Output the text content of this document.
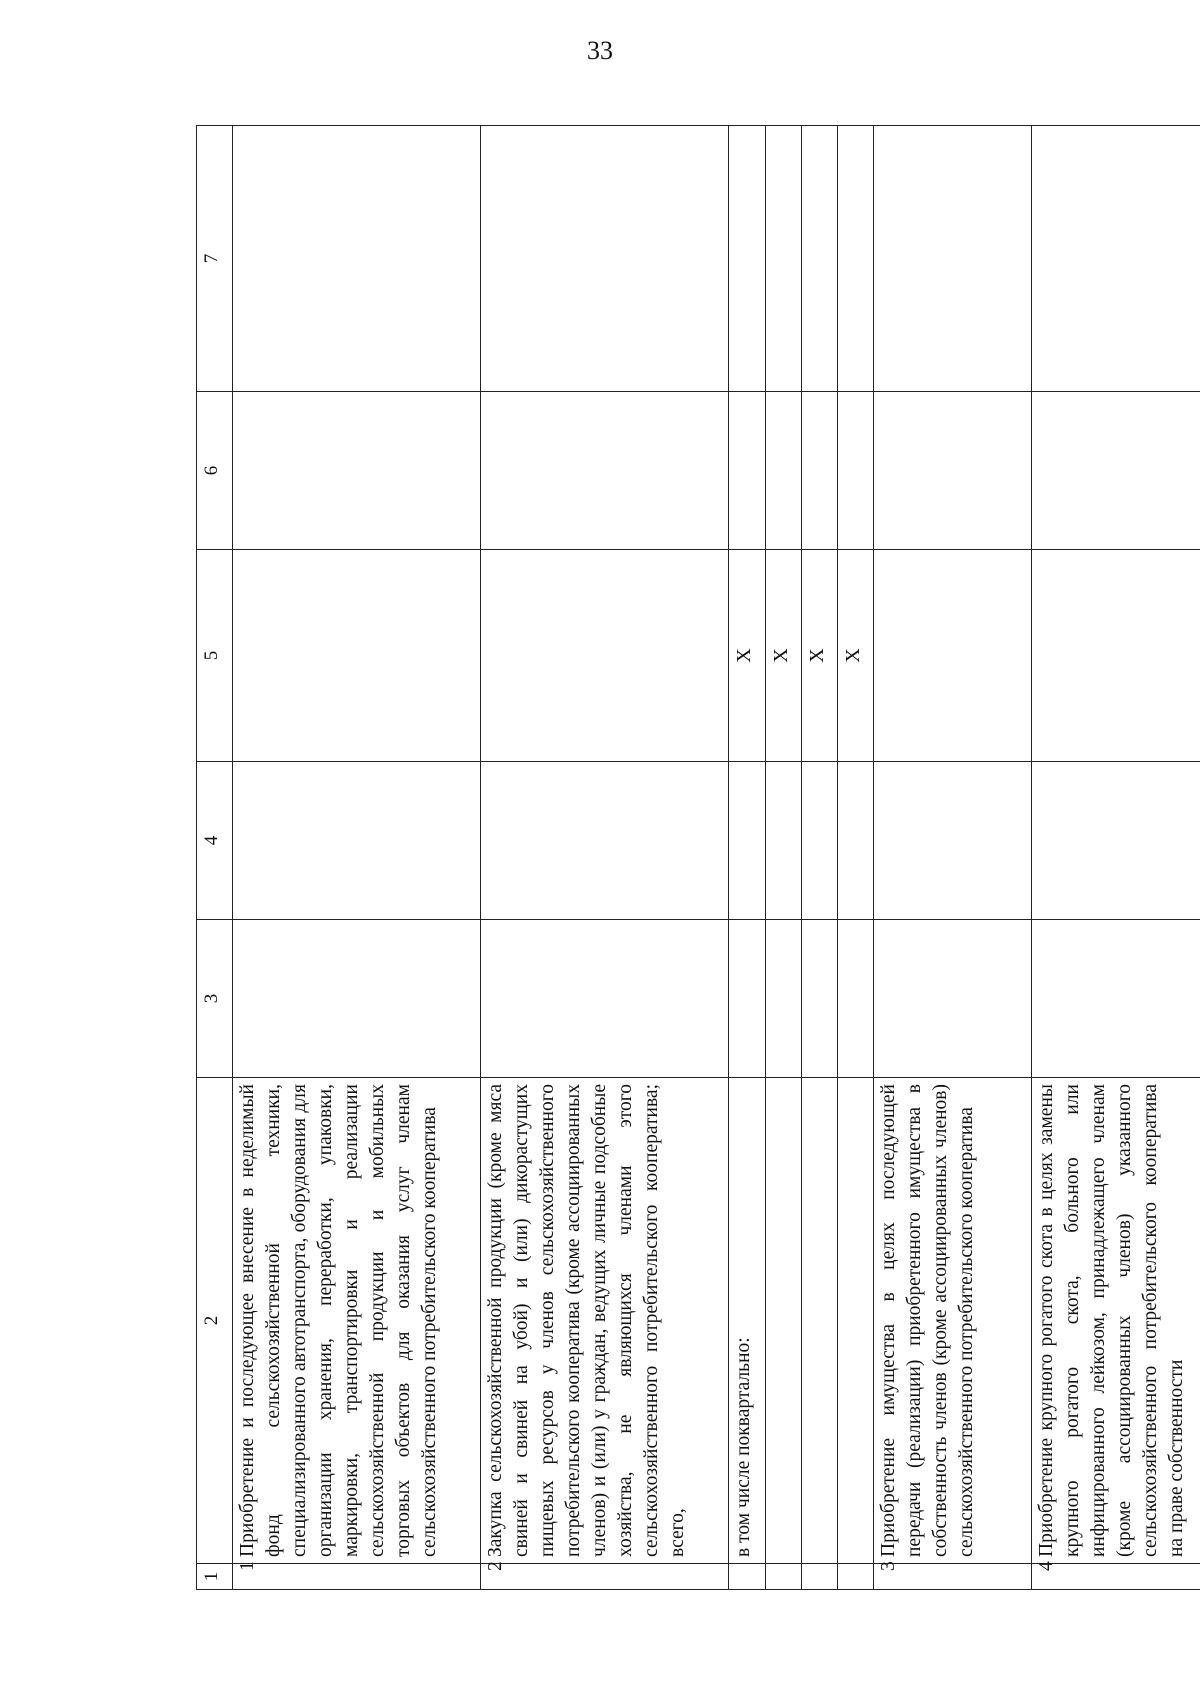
33
1	2	3	4	5	6	7
1	Приобретение и последующее внесение в неделимый фонд сельскохозяйственной техники, специализированного автотранспорта, оборудования для организации хранения, переработки, упаковки, маркировки, транспортировки и реализации сельскохозяйственной продукции и мобильных торговых объектов для оказания услуг членам сельскохозяйственного потребительского кооператива					
2	Закупка сельскохозяйственной продукции (кроме мяса свиней и свиней на убой) и (или) дикорастущих пищевых ресурсов у членов сельскохозяйственного потребительского кооператива (кроме ассоциированных членов) и (или) у граждан, ведущих личные подсобные хозяйства, не являющихся членами этого сельскохозяйственного потребительского кооператива; всего,					
	в том числе поквартально:			X		
				X		
				X		
				X		
3	Приобретение имущества в целях последующей передачи (реализации) приобретенного имущества в собственность членов (кроме ассоциированных членов) сельскохозяйственного потребительского кооператива					
4	Приобретение крупного рогатого скота в целях замены крупного рогатого скота, больного или инфицированного лейкозом, принадлежащего членам (кроме ассоциированных членов) указанного сельскохозяйственного потребительского кооператива на праве собственности					
